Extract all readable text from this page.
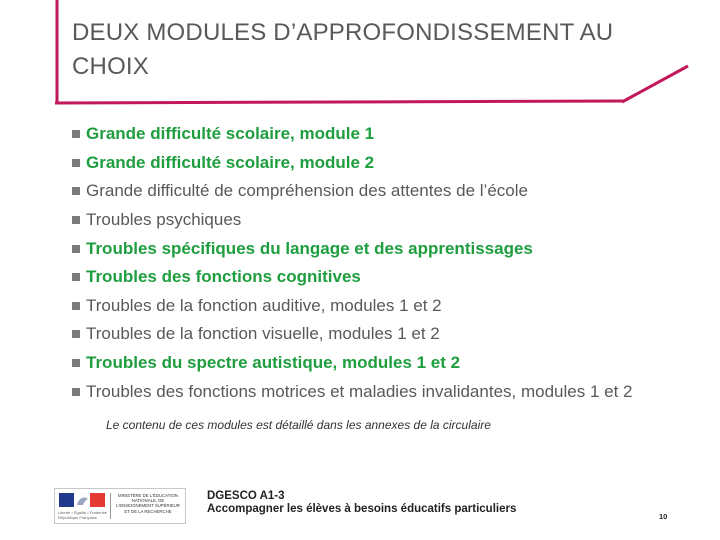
DEUX MODULES D’APPROFONDISSEMENT AU CHOIX
Grande difficulté scolaire, module 1
Grande difficulté scolaire, module 2
Grande difficulté de compréhension des attentes de l’école
Troubles psychiques
Troubles spécifiques du langage et des apprentissages
Troubles des fonctions cognitives
Troubles de la fonction auditive, modules 1 et 2
Troubles de la fonction visuelle, modules 1 et 2
Troubles du spectre autistique, modules 1 et 2
Troubles des fonctions motrices et maladies invalidantes, modules 1 et 2
Le contenu de ces modules est détaillé dans les annexes de la circulaire
Liberté • Égalité • Fraternité République Française
MINISTÈRE DE L'ÉDUCATION NATIONALE, DE L'ENSEIGNEMENT SUPÉRIEUR ET DE LA RECHERCHE
DGESCO A1-3
Accompagner les élèves à besoins éducatifs particuliers
10
